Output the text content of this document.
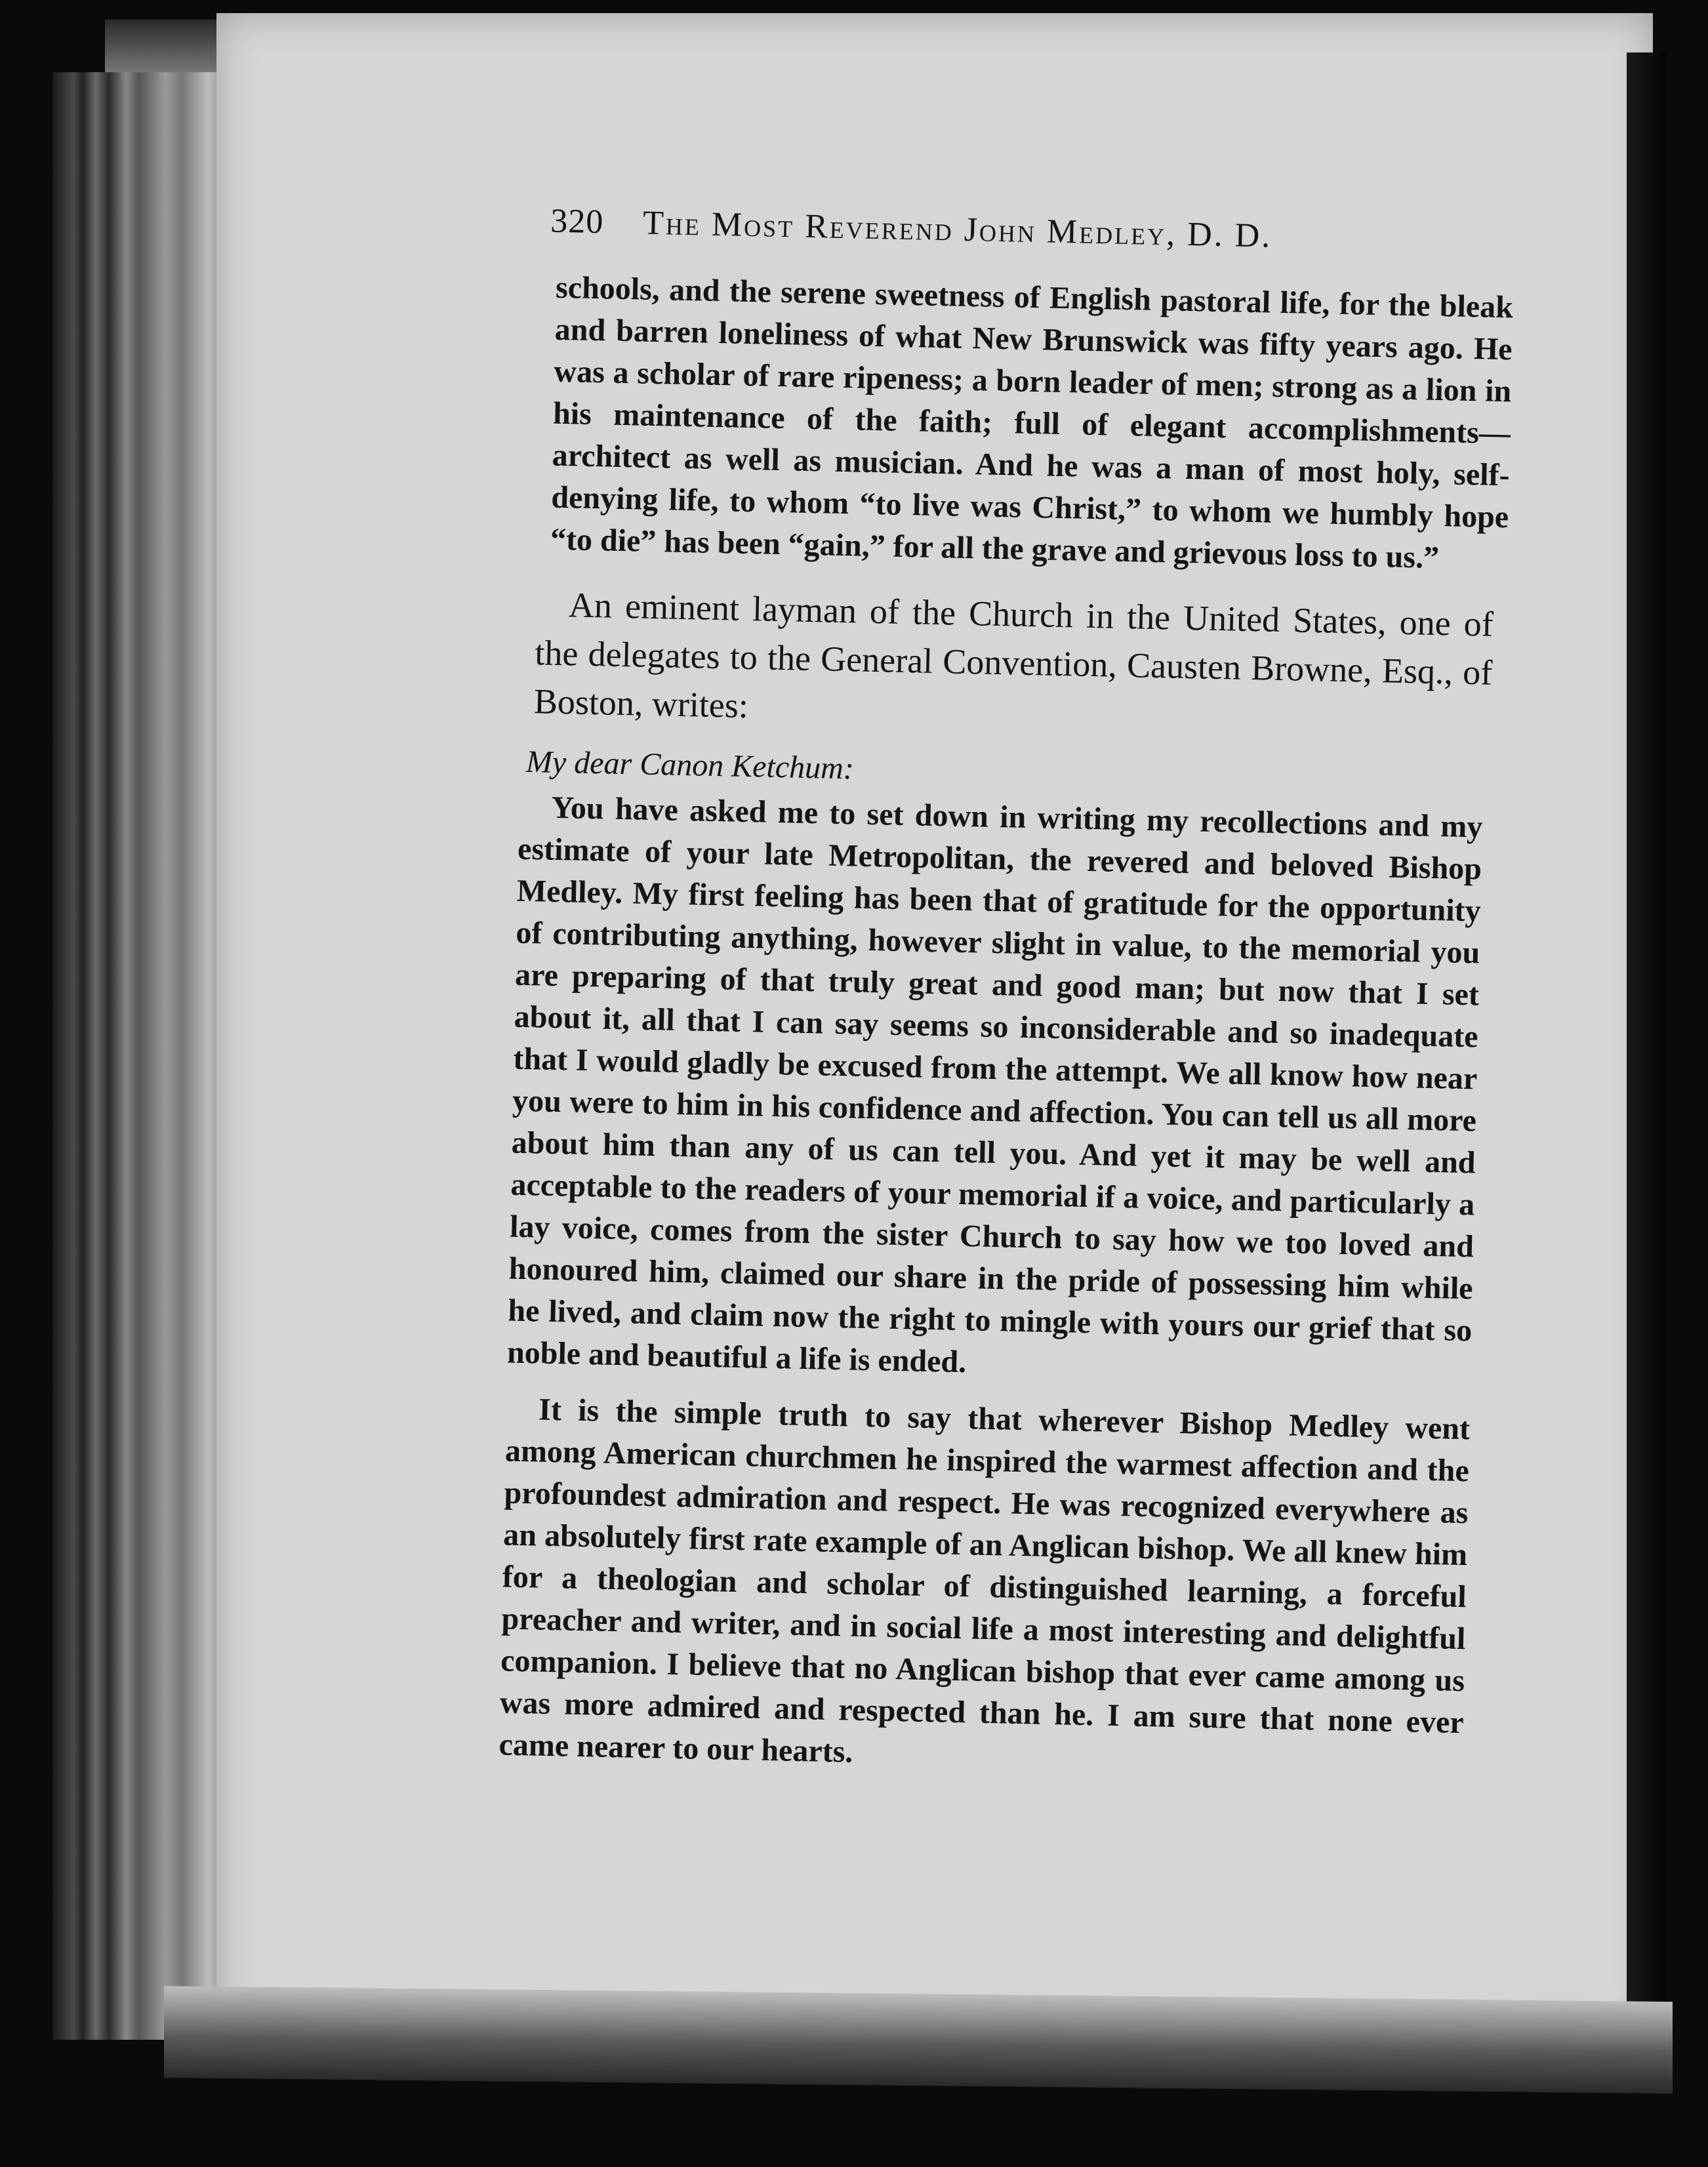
320 The Most Reverend John Medley, D. D.

schools, and the serene sweetness of English pastoral life, for the bleak and barren loneliness of what New Brunswick was fifty years ago. He was a scholar of rare ripeness; a born leader of men; strong as a lion in his maintenance of the faith; full of elegant accomplishments—architect as well as musician. And he was a man of most holy, self-denying life, to whom “to live was Christ,” to whom we humbly hope “to die” has been “gain,” for all the grave and grievous loss to us.”

An eminent layman of the Church in the United States, one of the delegates to the General Convention, Causten Browne, Esq., of Boston, writes:

My dear Canon Ketchum:

You have asked me to set down in writing my recollections and my estimate of your late Metropolitan, the revered and beloved Bishop Medley. My first feeling has been that of gratitude for the opportunity of contributing anything, however slight in value, to the memorial you are preparing of that truly great and good man; but now that I set about it, all that I can say seems so inconsiderable and so inadequate that I would gladly be excused from the attempt. We all know how near you were to him in his confidence and affection. You can tell us all more about him than any of us can tell you. And yet it may be well and acceptable to the readers of your memorial if a voice, and particularly a lay voice, comes from the sister Church to say how we too loved and honoured him, claimed our share in the pride of possessing him while he lived, and claim now the right to mingle with yours our grief that so noble and beautiful a life is ended.

It is the simple truth to say that wherever Bishop Medley went among American churchmen he inspired the warmest affection and the profoundest admiration and respect. He was recognized everywhere as an absolutely first rate example of an Anglican bishop. We all knew him for a theologian and scholar of distinguished learning, a forceful preacher and writer, and in social life a most interesting and delightful companion. I believe that no Anglican bishop that ever came among us was more admired and respected than he. I am sure that none ever came nearer to our hearts.
